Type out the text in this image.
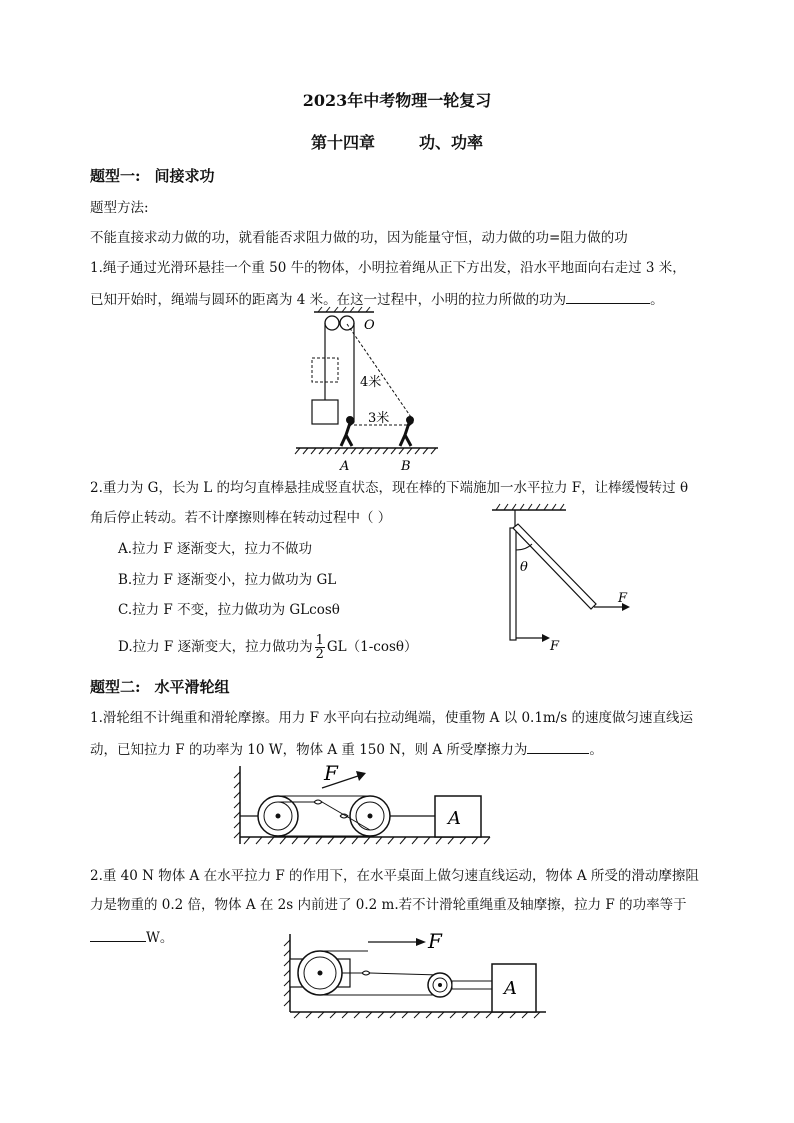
2023年中考物理一轮复习
第十四章	功、功率
题型一: 间接求功
题型方法:
不能直接求动力做的功，就看能否求阻力做的功，因为能量守恒，动力做的功=阻力做的功
1.绳子通过光滑环悬挂一个重 50 牛的物体，小明拉着绳从正下方出发，沿水平地面向右走过 3 米，
已知开始时，绳端与圆环的距离为 4 米。在这一过程中，小明的拉力所做的功为	。
O
4米
3米
A	B
2.重力为 G，长为 L 的均匀直棒悬挂成竖直状态，现在棒的下端施加一水平拉力 F，让棒缓慢转过 θ
角后停止转动。若不计摩擦则棒在转动过程中（ ）
A.拉力 F 逐渐变大，拉力不做功
B.拉力 F 逐渐变小，拉力做功为 GL
C.拉力 F 不变，拉力做功为 GLcosθ
D.拉力 F 逐渐变大，拉力做功为 $\frac{1}{2} GL(1-\cos\theta)$
θ
F
F
题型二: 水平滑轮组
1.滑轮组不计绳重和滑轮摩擦。用力 F 水平向右拉动绳端，使重物 A 以 0.1m/s 的速度做匀速直线运
动，已知拉力 F 的功率为 10 W，物体 A 重 150 N，则 A 所受摩擦力为	。
A
F
2.重 40 N 物体 A 在水平拉力 F 的作用下，在水平桌面上做匀速直线运动，物体 A 所受的滑动摩擦阻
力是物重的 0.2 倍，物体 A 在 2s 内前进了 0.2 m.若不计滑轮重绳重及轴摩擦，拉力 F 的功率等于
W。
A
F
